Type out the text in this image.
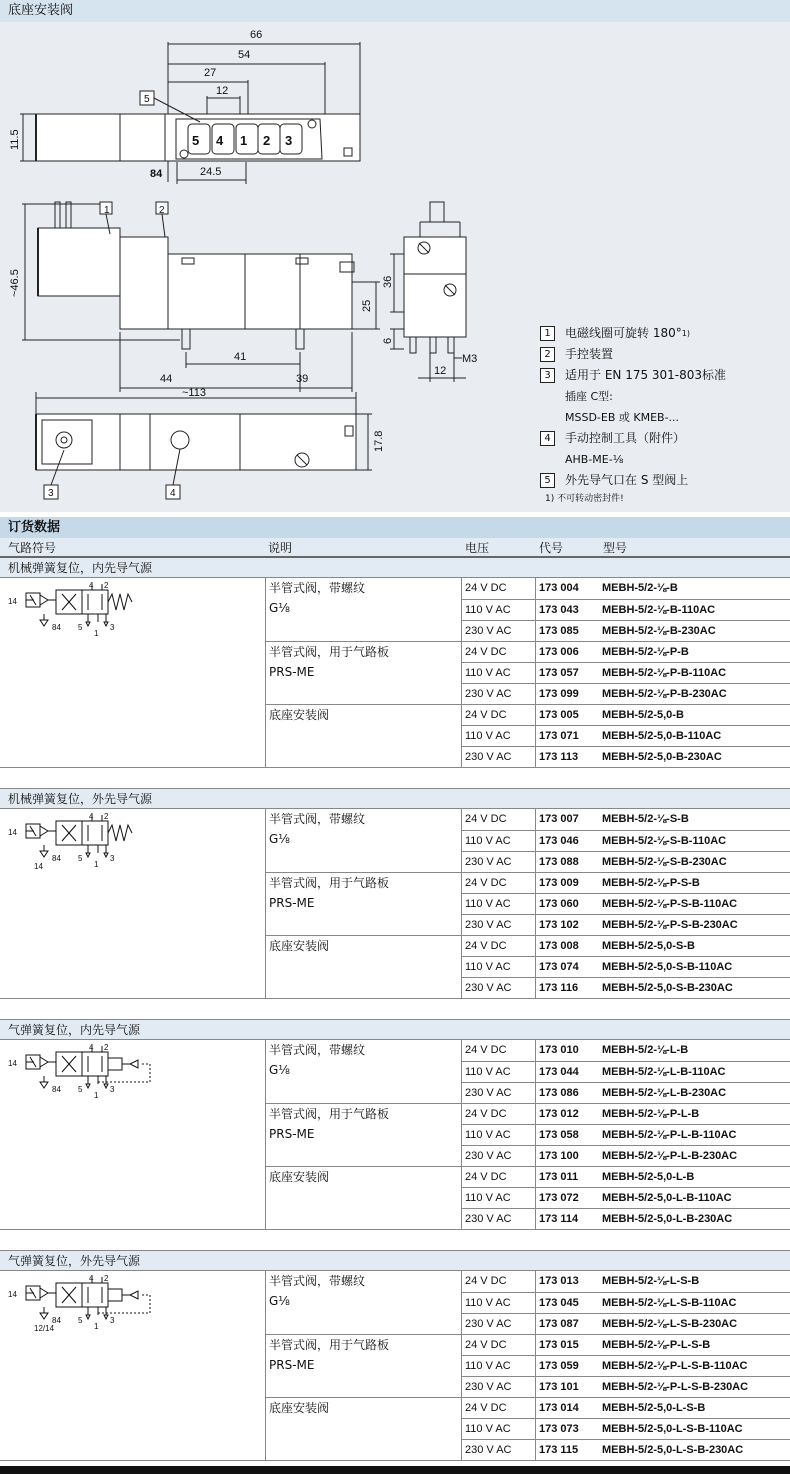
底座安装阀
66
54
27
12
84	24.5
11.5	5 4 1 2 3
5
1	2
3	4
~46.5
41
44	39
~113
25
36
6
12
M3
17.8
1	电磁线圈可旋转 180° 1)
2	手控装置
3	适用于 EN 175 301-803标准
插座 C型:
MSSD-EB 或 KMEB-...
4	手动控制工具（附件）
AHB-ME-⅛
5	外先导气口在 S 型阀上
1) 不可转动密封件!
订货数据
气路符号	说明	电压	代号	型号
机械弹簧复位，内先导气源
14
84
4 2
5
1
3
半管式阀，带螺纹
G⅛
24 V DC	173 004 MEBH-5/2-⅛-B
110 V AC	173 043 MEBH-5/2-⅛-B-110AC
230 V AC	173 085 MEBH-5/2-⅛-B-230AC
半管式阀，用于气路板
PRS-ME
24 V DC	173 006 MEBH-5/2-⅛-P-B
110 V AC	173 057 MEBH-5/2-⅛-P-B-110AC
230 V AC	173 099 MEBH-5/2-⅛-P-B-230AC
底座安装阀	24 V DC	173 005 MEBH-5/2-5,0-B
110 V AC	173 071 MEBH-5/2-5,0-B-110AC
230 V AC	173 113 MEBH-5/2-5,0-B-230AC
机械弹簧复位，外先导气源
14
84
4 2
5
1
3
14
半管式阀，带螺纹
G⅛
24 V DC	173 007 MEBH-5/2-⅛-S-B
110 V AC	173 046 MEBH-5/2-⅛-S-B-110AC
230 V AC	173 088 MEBH-5/2-⅛-S-B-230AC
半管式阀，用于气路板
PRS-ME
24 V DC	173 009 MEBH-5/2-⅛-P-S-B
110 V AC	173 060 MEBH-5/2-⅛-P-S-B-110AC
230 V AC	173 102 MEBH-5/2-⅛-P-S-B-230AC
底座安装阀	24 V DC	173 008 MEBH-5/2-5,0-S-B
110 V AC	173 074 MEBH-5/2-5,0-S-B-110AC
230 V AC	173 116 MEBH-5/2-5,0-S-B-230AC
气弹簧复位，内先导气源
14
84
4 2
5
1
3
半管式阀，带螺纹
G⅛
24 V DC	173 010 MEBH-5/2-⅛-L-B
110 V AC	173 044 MEBH-5/2-⅛-L-B-110AC
230 V AC	173 086 MEBH-5/2-⅛-L-B-230AC
半管式阀，用于气路板
PRS-ME
24 V DC	173 012 MEBH-5/2-⅛-P-L-B
110 V AC	173 058 MEBH-5/2-⅛-P-L-B-110AC
230 V AC	173 100 MEBH-5/2-⅛-P-L-B-230AC
底座安装阀	24 V DC	173 011 MEBH-5/2-5,0-L-B
110 V AC	173 072 MEBH-5/2-5,0-L-B-110AC
230 V AC	173 114 MEBH-5/2-5,0-L-B-230AC
气弹簧复位，外先导气源
14
84
4 2
5
1
3
12/14
半管式阀，带螺纹
G⅛
24 V DC	173 013 MEBH-5/2-⅛-L-S-B
110 V AC	173 045 MEBH-5/2-⅛-L-S-B-110AC
230 V AC	173 087 MEBH-5/2-⅛-L-S-B-230AC
半管式阀，用于气路板
PRS-ME
24 V DC	173 015 MEBH-5/2-⅛-P-L-S-B
110 V AC	173 059 MEBH-5/2-⅛-P-L-S-B-110AC
230 V AC	173 101 MEBH-5/2-⅛-P-L-S-B-230AC
底座安装阀	24 V DC	173 014 MEBH-5/2-5,0-L-S-B
110 V AC	173 073 MEBH-5/2-5,0-L-S-B-110AC
230 V AC	173 115 MEBH-5/2-5,0-L-S-B-230AC
